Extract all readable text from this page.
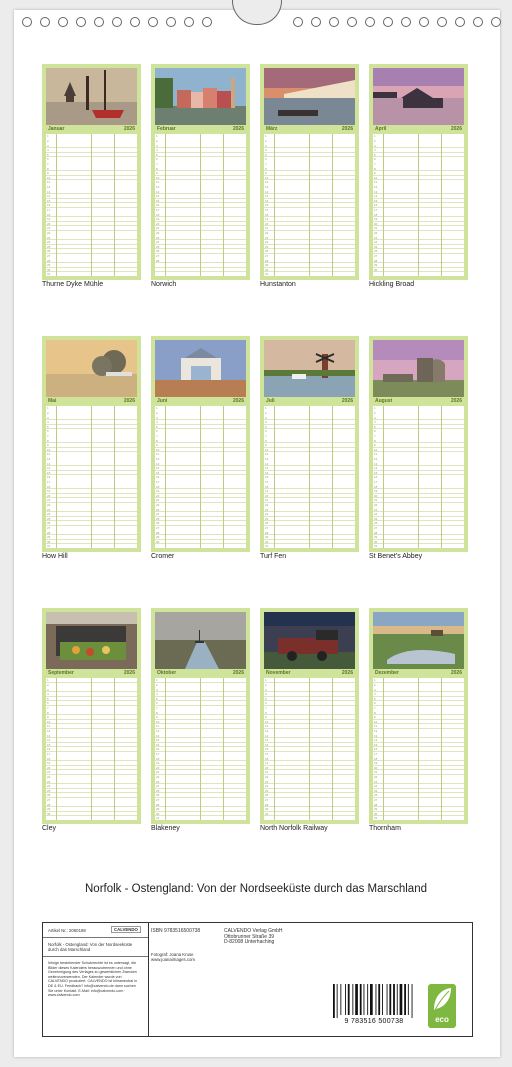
Januar	2026
1
2
3
4
5
6
7
8
9
10
11
12
13
14
15
16
17
18
19
20
21
22
23
24
25
26
27
28
29
30
31
Thurne Dyke Mühle
Februar	2026
1
2
3
4
5
6
7
8
9
10
11
12
13
14
15
16
17
18
19
20
21
22
23
24
25
26
27
28
Norwich
März	2026
1
2
3
4
5
6
7
8
9
10
11
12
13
14
15
16
17
18
19
20
21
22
23
24
25
26
27
28
29
30
31
Hunstanton
April	2026
1
2
3
4
5
6
7
8
9
10
11
12
13
14
15
16
17
18
19
20
21
22
23
24
25
26
27
28
29
30
Hickling Broad
Mai	2026
1
2
3
4
5
6
7
8
9
10
11
12
13
14
15
16
17
18
19
20
21
22
23
24
25
26
27
28
29
30
31
How Hill
Juni	2026
1
2
3
4
5
6
7
8
9
10
11
12
13
14
15
16
17
18
19
20
21
22
23
24
25
26
27
28
29
30
Cromer
Juli	2026
1
2
3
4
5
6
7
8
9
10
11
12
13
14
15
16
17
18
19
20
21
22
23
24
25
26
27
28
29
30
31
Turf Fen
August	2026
1
2
3
4
5
6
7
8
9
10
11
12
13
14
15
16
17
18
19
20
21
22
23
24
25
26
27
28
29
30
31
St Benet's Abbey
September	2026
1
2
3
4
5
6
7
8
9
10
11
12
13
14
15
16
17
18
19
20
21
22
23
24
25
26
27
28
29
30
Cley
Oktober	2026
1
2
3
4
5
6
7
8
9
10
11
12
13
14
15
16
17
18
19
20
21
22
23
24
25
26
27
28
29
30
31
Blakeney
November	2026
1
2
3
4
5
6
7
8
9
10
11
12
13
14
15
16
17
18
19
20
21
22
23
24
25
26
27
28
29
30
North Norfolk Railway
Dezember	2026
1
2
3
4
5
6
7
8
9
10
11
12
13
14
15
16
17
18
19
20
21
22
23
24
25
26
27
28
29
30
31
Thornham
Norfolk - Ostengland: Von der Nordseeküste durch das Marschland
Artikel Nr.: 2060198	CALVENDO
Norfolk - Ostengland: Von der Nordseeküste durch das Marschland
Infolge bestehender Schutzrechte ist es untersagt, die Bilder dieses Kalenders herauszutrennen und ohne Genehmigung des Verlages zu gewerblichen Zwecken weiterzuverwenden. Der Kalender wurde von CALVENDO produziert. CALVENDO ist klimaneutral in DE & EU. Feedback? info@calvendo.de dann suchen Sie unter Kontakt. E-Mail: info@calvendo.com · www.calvendo.com
ISBN 9783516500738
Fotograf: Joana Kruse
www.joanaimages.com
CALVENDO Verlag GmbH
Ottobrunner Straße 39
D-82008 Unterhaching
9 783516 500738	eco
